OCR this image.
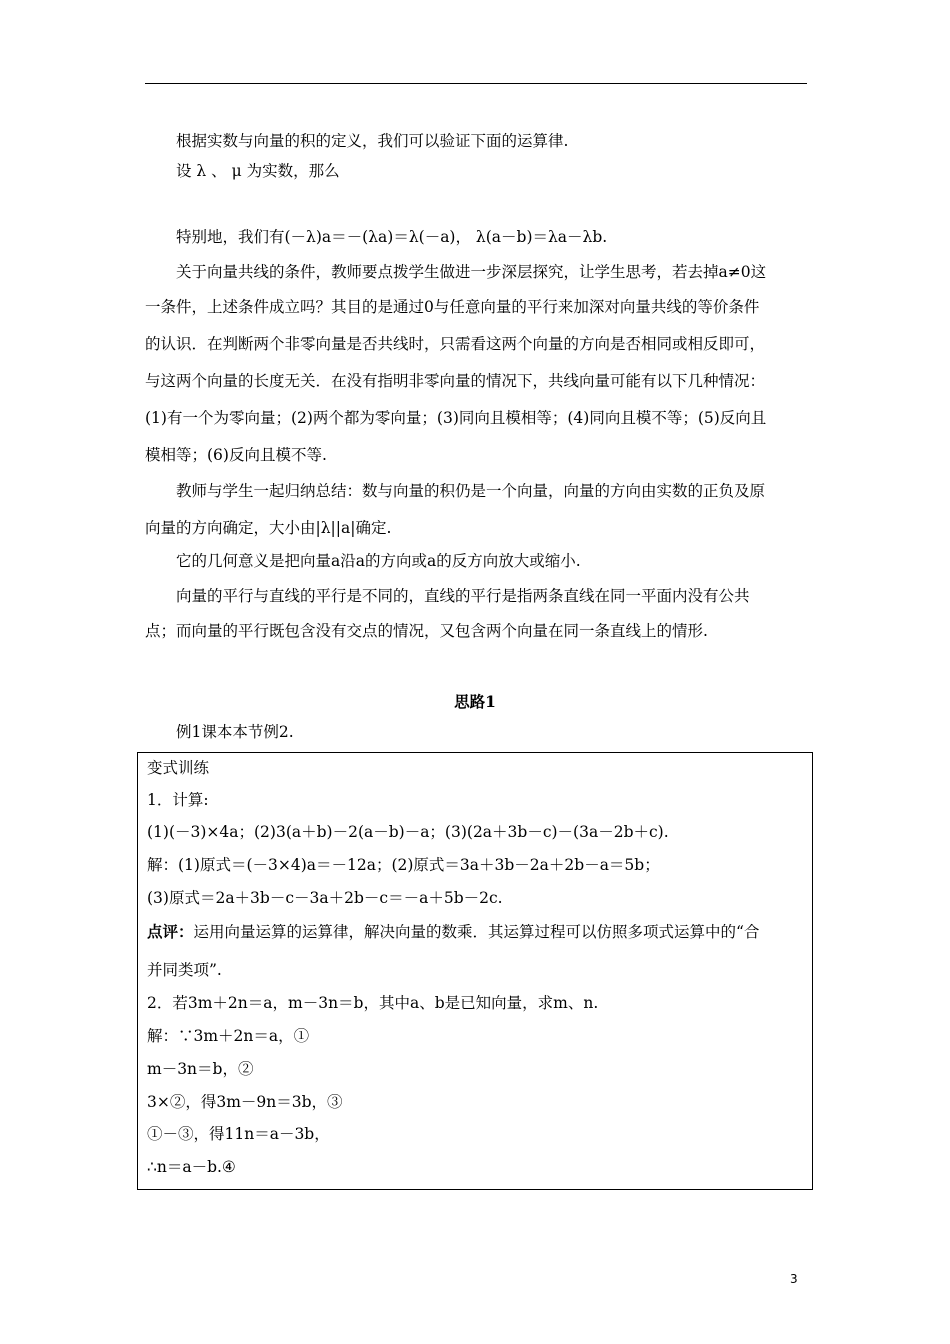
根据实数与向量的积的定义，我们可以验证下面的运算律.
设 λ 、 μ 为实数，那么
特别地，我们有(－λ)a＝－(λa)＝λ(－a)， λ(a－b)＝λa－λb.
关于向量共线的条件，教师要点拨学生做进一步深层探究，让学生思考，若去掉a≠0这
一条件，上述条件成立吗？其目的是通过0与任意向量的平行来加深对向量共线的等价条件
的认识．在判断两个非零向量是否共线时，只需看这两个向量的方向是否相同或相反即可，
与这两个向量的长度无关．在没有指明非零向量的情况下，共线向量可能有以下几种情况：
(1)有一个为零向量；(2)两个都为零向量；(3)同向且模相等；(4)同向且模不等；(5)反向且
模相等；(6)反向且模不等.
教师与学生一起归纳总结：数与向量的积仍是一个向量，向量的方向由实数的正负及原
向量的方向确定，大小由|λ||a|确定.
它的几何意义是把向量a沿a的方向或a的反方向放大或缩小.
向量的平行与直线的平行是不同的，直线的平行是指两条直线在同一平面内没有公共
点；而向量的平行既包含没有交点的情况，又包含两个向量在同一条直线上的情形.
思路1
例1课本本节例2.
变式训练
1．计算:
(1)(－3)×4a；(2)3(a＋b)－2(a－b)－a；(3)(2a＋3b－c)－(3a－2b＋c).
解：(1)原式＝(－3×4)a＝－12a；(2)原式＝3a＋3b－2a＋2b－a＝5b；
(3)原式＝2a＋3b－c－3a＋2b－c＝－a＋5b－2c.
点评：运用向量运算的运算律，解决向量的数乘．其运算过程可以仿照多项式运算中的“合
并同类项”.
2．若3m＋2n＝a，m－3n＝b，其中a、b是已知向量，求m、n.
解：∵3m＋2n＝a，①
m－3n＝b，②
3×②，得3m－9n＝3b，③
①－③，得11n＝a－3b，
∴n＝a－b.④
3
